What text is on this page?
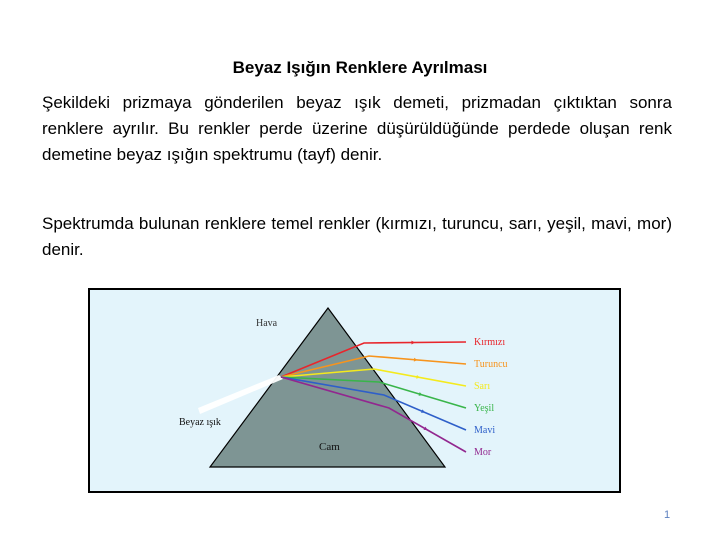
Beyaz Işığın Renklere Ayrılması

Şekildeki prizmaya gönderilen beyaz ışık demeti, prizmadan çıktıktan sonra renklere ayrılır. Bu renkler perde üzerine düşürüldüğünde perdede oluşan renk demetine beyaz ışığın spektrumu (tayf) denir.

Spektrumda bulunan renklere temel renkler (kırmızı, turuncu, sarı, yeşil, mavi, mor) denir.

Hava
Cam
Beyaz ışık
Kırmızı
Turuncu
Sarı
Yeşil
Mavi
Mor
1
